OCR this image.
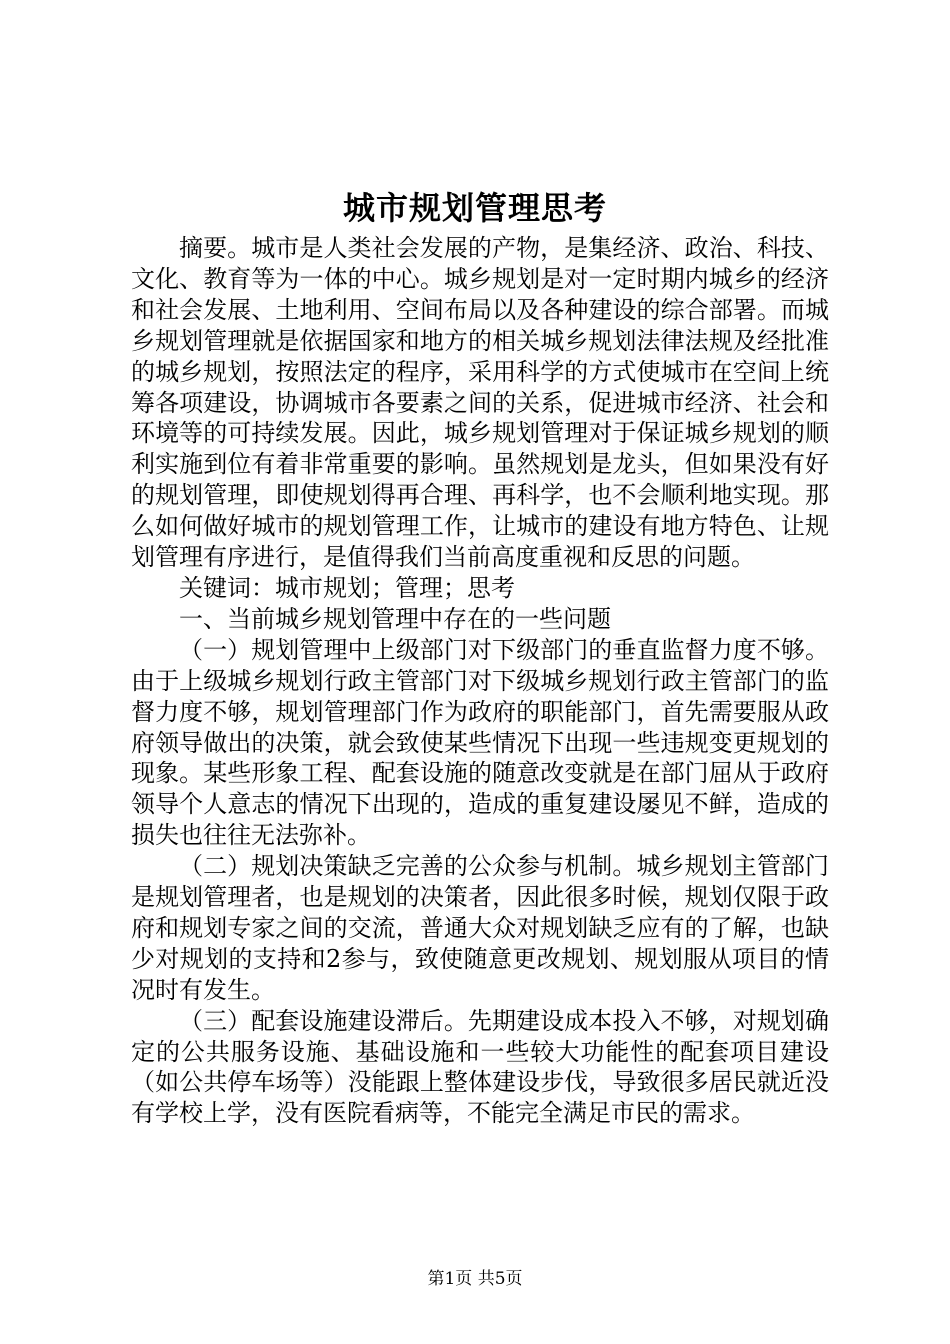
城市规划管理思考

摘要。城市是人类社会发展的产物，是集经济、政治、科技、文化、教育等为一体的中心。城乡规划是对一定时期内城乡的经济和社会发展、土地利用、空间布局以及各种建设的综合部署。而城乡规划管理就是依据国家和地方的相关城乡规划法律法规及经批准的城乡规划，按照法定的程序，采用科学的方式使城市在空间上统筹各项建设，协调城市各要素之间的关系，促进城市经济、社会和环境等的可持续发展。因此，城乡规划管理对于保证城乡规划的顺利实施到位有着非常重要的影响。虽然规划是龙头，但如果没有好的规划管理，即使规划得再合理、再科学，也不会顺利地实现。那么如何做好城市的规划管理工作，让城市的建设有地方特色、让规划管理有序进行，是值得我们当前高度重视和反思的问题。

关键词：城市规划；管理；思考

一、当前城乡规划管理中存在的一些问题

（一）规划管理中上级部门对下级部门的垂直监督力度不够。由于上级城乡规划行政主管部门对下级城乡规划行政主管部门的监督力度不够，规划管理部门作为政府的职能部门，首先需要服从政府领导做出的决策，就会致使某些情况下出现一些违规变更规划的现象。某些形象工程、配套设施的随意改变就是在部门屈从于政府领导个人意志的情况下出现的，造成的重复建设屡见不鲜，造成的损失也往往无法弥补。

（二）规划决策缺乏完善的公众参与机制。城乡规划主管部门是规划管理者，也是规划的决策者，因此很多时候，规划仅限于政府和规划专家之间的交流，普通大众对规划缺乏应有的了解，也缺少对规划的支持和2参与，致使随意更改规划、规划服从项目的情况时有发生。

（三）配套设施建设滞后。先期建设成本投入不够，对规划确定的公共服务设施、基础设施和一些较大功能性的配套项目建设（如公共停车场等）没能跟上整体建设步伐，导致很多居民就近没有学校上学，没有医院看病等，不能完全满足市民的需求。

第1页 共5页
